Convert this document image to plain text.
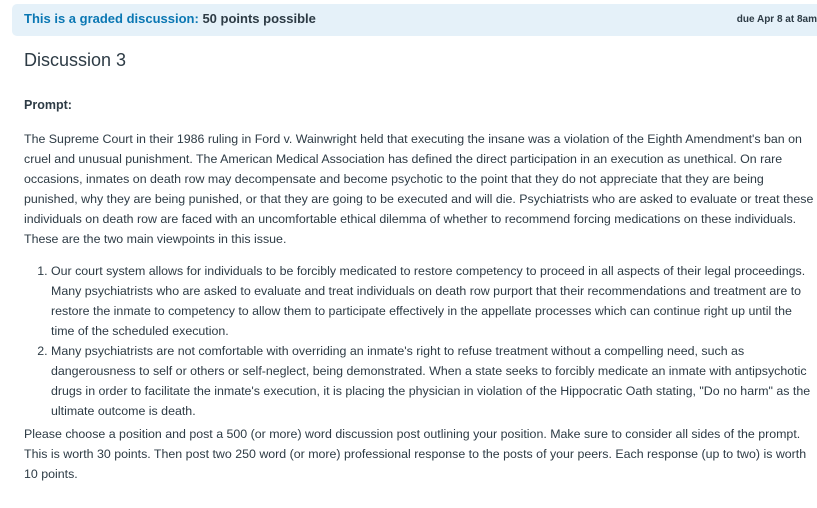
This is a graded discussion: 50 points possible	due Apr 8 at 8am
Discussion 3

Prompt:

The Supreme Court in their 1986 ruling in Ford v. Wainwright held that executing the insane was a violation of the Eighth Amendment's ban on cruel and unusual punishment. The American Medical Association has defined the direct participation in an execution as unethical. On rare occasions, inmates on death row may decompensate and become psychotic to the point that they do not appreciate that they are being punished, why they are being punished, or that they are going to be executed and will die. Psychiatrists who are asked to evaluate or treat these individuals on death row are faced with an uncomfortable ethical dilemma of whether to recommend forcing medications on these individuals. These are the two main viewpoints in this issue.

1. Our court system allows for individuals to be forcibly medicated to restore competency to proceed in all aspects of their legal proceedings. Many psychiatrists who are asked to evaluate and treat individuals on death row purport that their recommendations and treatment are to restore the inmate to competency to allow them to participate effectively in the appellate processes which can continue right up until the time of the scheduled execution.
2. Many psychiatrists are not comfortable with overriding an inmate's right to refuse treatment without a compelling need, such as dangerousness to self or others or self-neglect, being demonstrated. When a state seeks to forcibly medicate an inmate with antipsychotic drugs in order to facilitate the inmate's execution, it is placing the physician in violation of the Hippocratic Oath stating, "Do no harm" as the ultimate outcome is death.

Please choose a position and post a 500 (or more) word discussion post outlining your position. Make sure to consider all sides of the prompt. This is worth 30 points. Then post two 250 word (or more) professional response to the posts of your peers. Each response (up to two) is worth 10 points.
